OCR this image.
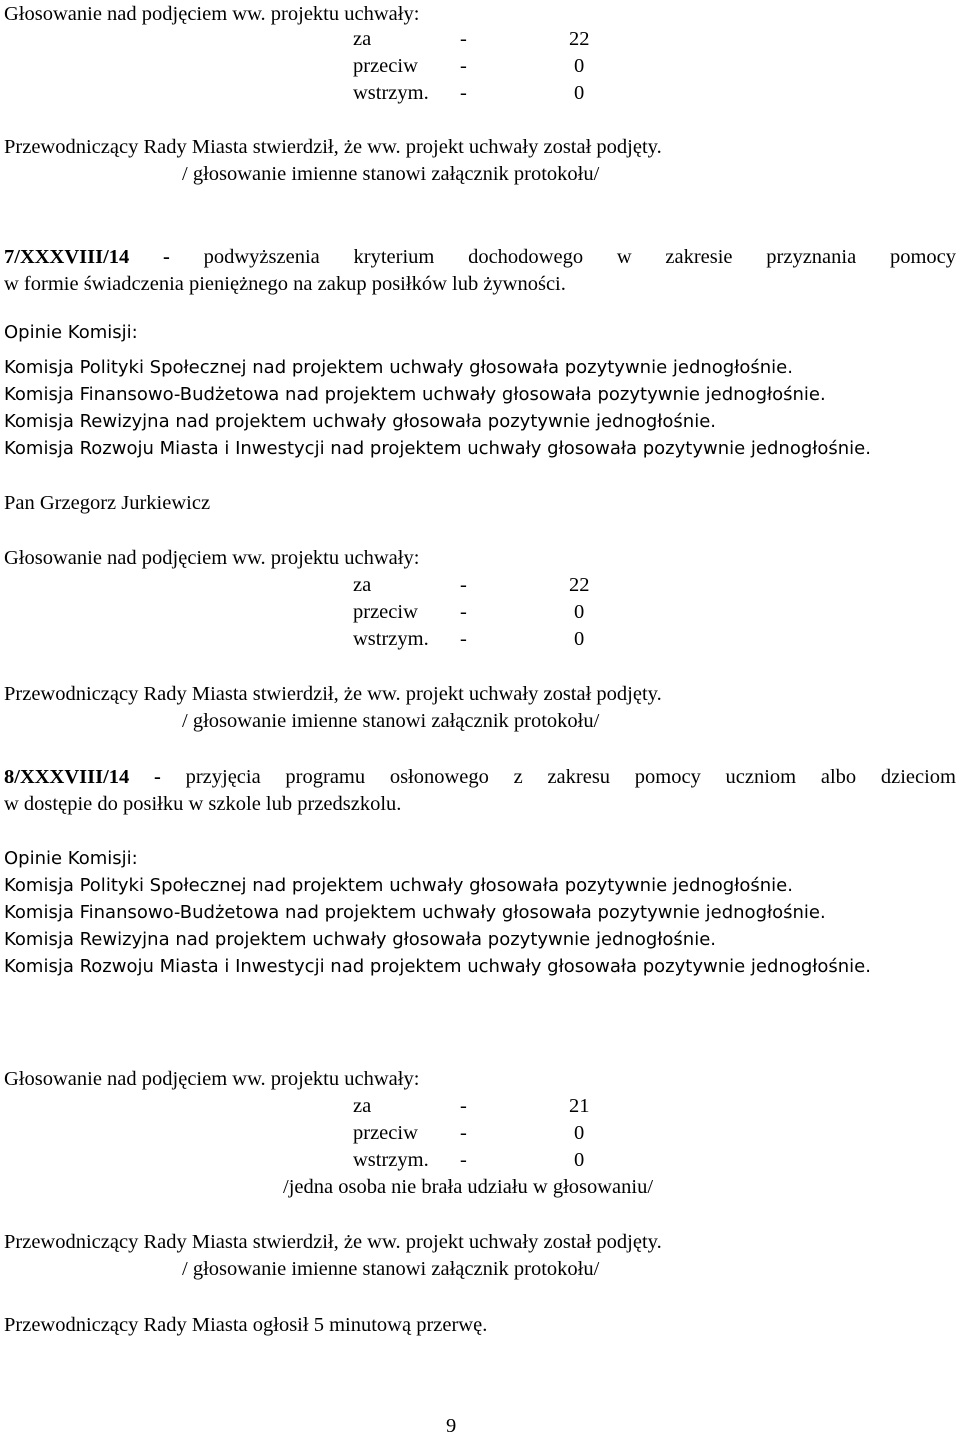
Głosowanie nad podjęciem ww. projektu uchwały:
za	-	22
przeciw -	0
wstrzym. -	0
Przewodniczący Rady Miasta stwierdził, że ww. projekt uchwały został podjęty.
/ głosowanie imienne stanowi załącznik protokołu/
7/XXXVIII/14 - podwyższenia kryterium dochodowego w zakresie przyznania pomocy
w formie świadczenia pieniężnego na zakup posiłków lub żywności.
Opinie Komisji:
Komisja Polityki Społecznej nad projektem uchwały głosowała pozytywnie jednogłośnie.
Komisja Finansowo-Budżetowa nad projektem uchwały głosowała pozytywnie jednogłośnie.
Komisja Rewizyjna nad projektem uchwały głosowała pozytywnie jednogłośnie.
Komisja Rozwoju Miasta i Inwestycji nad projektem uchwały głosowała pozytywnie jednogłośnie.
Pan Grzegorz Jurkiewicz
Głosowanie nad podjęciem ww. projektu uchwały:
za	-	22
przeciw -	0
wstrzym. -	0
Przewodniczący Rady Miasta stwierdził, że ww. projekt uchwały został podjęty.
/ głosowanie imienne stanowi załącznik protokołu/
8/XXXVIII/14 - przyjęcia programu osłonowego z zakresu pomocy uczniom albo dzieciom
w dostępie do posiłku w szkole lub przedszkolu.
Opinie Komisji:
Komisja Polityki Społecznej nad projektem uchwały głosowała pozytywnie jednogłośnie.
Komisja Finansowo-Budżetowa nad projektem uchwały głosowała pozytywnie jednogłośnie.
Komisja Rewizyjna nad projektem uchwały głosowała pozytywnie jednogłośnie.
Komisja Rozwoju Miasta i Inwestycji nad projektem uchwały głosowała pozytywnie jednogłośnie.
Głosowanie nad podjęciem ww. projektu uchwały:
za	-	21
przeciw -	0
wstrzym. -	0
/jedna osoba nie brała udziału w głosowaniu/
Przewodniczący Rady Miasta stwierdził, że ww. projekt uchwały został podjęty.
/ głosowanie imienne stanowi załącznik protokołu/
Przewodniczący Rady Miasta ogłosił 5 minutową przerwę.
9
